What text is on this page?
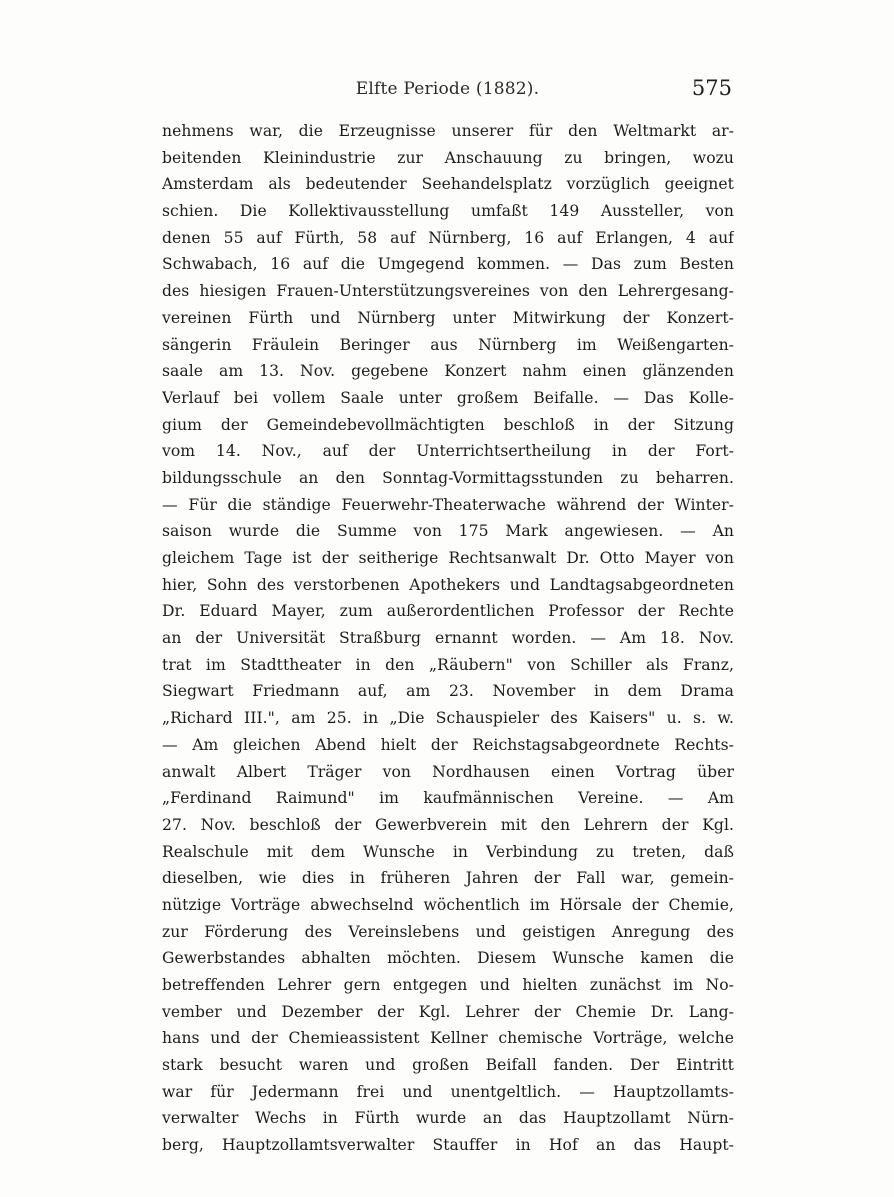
Elfte Periode (1882).	575
nehmens war, die Erzeugnisse unserer für den Weltmarkt ar-
beitenden Kleinindustrie zur Anschauung zu bringen, wozu
Amsterdam als bedeutender Seehandelsplatz vorzüglich geeignet
schien. Die Kollektivausstellung umfaßt 149 Aussteller, von
denen 55 auf Fürth, 58 auf Nürnberg, 16 auf Erlangen, 4 auf
Schwabach, 16 auf die Umgegend kommen. — Das zum Besten
des hiesigen Frauen-Unterstützungsvereines von den Lehrergesang-
vereinen Fürth und Nürnberg unter Mitwirkung der Konzert-
sängerin Fräulein Beringer aus Nürnberg im Weißengarten-
saale am 13. Nov. gegebene Konzert nahm einen glänzenden
Verlauf bei vollem Saale unter großem Beifalle. — Das Kolle-
gium der Gemeindebevollmächtigten beschloß in der Sitzung
vom 14. Nov., auf der Unterrichtsertheilung in der Fort-
bildungsschule an den Sonntag-Vormittagsstunden zu beharren.
— Für die ständige Feuerwehr-Theaterwache während der Winter-
saison wurde die Summe von 175 Mark angewiesen. — An
gleichem Tage ist der seitherige Rechtsanwalt Dr. Otto Mayer von
hier, Sohn des verstorbenen Apothekers und Landtagsabgeordneten
Dr. Eduard Mayer, zum außerordentlichen Professor der Rechte
an der Universität Straßburg ernannt worden. — Am 18. Nov.
trat im Stadttheater in den „Räubern" von Schiller als Franz,
Siegwart Friedmann auf, am 23. November in dem Drama
„Richard III.", am 25. in „Die Schauspieler des Kaisers" u. s. w.
— Am gleichen Abend hielt der Reichstagsabgeordnete Rechts-
anwalt Albert Träger von Nordhausen einen Vortrag über
„Ferdinand Raimund" im kaufmännischen Vereine. — Am
27. Nov. beschloß der Gewerbverein mit den Lehrern der Kgl.
Realschule mit dem Wunsche in Verbindung zu treten, daß
dieselben, wie dies in früheren Jahren der Fall war, gemein-
nützige Vorträge abwechselnd wöchentlich im Hörsale der Chemie,
zur Förderung des Vereinslebens und geistigen Anregung des
Gewerbstandes abhalten möchten. Diesem Wunsche kamen die
betreffenden Lehrer gern entgegen und hielten zunächst im No-
vember und Dezember der Kgl. Lehrer der Chemie Dr. Lang-
hans und der Chemieassistent Kellner chemische Vorträge, welche
stark besucht waren und großen Beifall fanden. Der Eintritt
war für Jedermann frei und unentgeltlich. — Hauptzollamts-
verwalter Wechs in Fürth wurde an das Hauptzollamt Nürn-
berg, Hauptzollamtsverwalter Stauffer in Hof an das Haupt-
